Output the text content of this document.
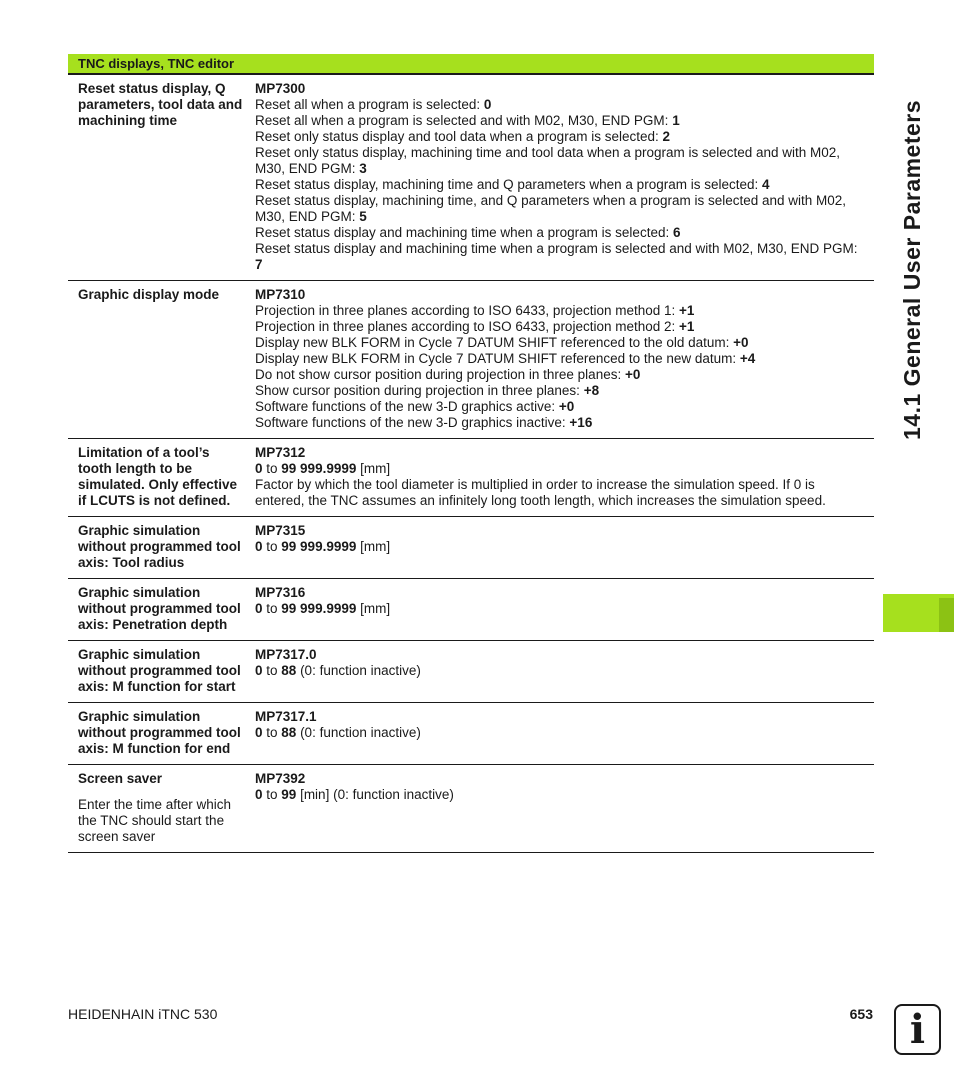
TNC displays, TNC editor
Reset status display, Q parameters, tool data and machining time
MP7300
Reset all when a program is selected: 0
Reset all when a program is selected and with M02, M30, END PGM: 1
Reset only status display and tool data when a program is selected: 2
Reset only status display, machining time and tool data when a program is selected and with M02, M30, END PGM: 3
Reset status display, machining time and Q parameters when a program is selected: 4
Reset status display, machining time, and Q parameters when a program is selected and with M02, M30, END PGM: 5
Reset status display and machining time when a program is selected: 6
Reset status display and machining time when a program is selected and with M02, M30, END PGM: 7
Graphic display mode	MP7310
Projection in three planes according to ISO 6433, projection method 1: +1
Projection in three planes according to ISO 6433, projection method 2: +1
Display new BLK FORM in Cycle 7 DATUM SHIFT referenced to the old datum: +0
Display new BLK FORM in Cycle 7 DATUM SHIFT referenced to the new datum: +4
Do not show cursor position during projection in three planes: +0
Show cursor position during projection in three planes: +8
Software functions of the new 3-D graphics active: +0
Software functions of the new 3-D graphics inactive: +16
Limitation of a tool’s tooth length to be simulated. Only effective if LCUTS is not defined.
MP7312
0 to 99 999.9999 [mm]
Factor by which the tool diameter is multiplied in order to increase the simulation speed. If 0 is entered, the TNC assumes an infinitely long tooth length, which increases the simulation speed.
Graphic simulation without programmed tool axis: Tool radius
MP7315
0 to 99 999.9999 [mm]
Graphic simulation without programmed tool axis: Penetration depth
MP7316
0 to 99 999.9999 [mm]
Graphic simulation without programmed tool axis: M function for start
MP7317.0
0 to 88 (0: function inactive)
Graphic simulation without programmed tool axis: M function for end
MP7317.1
0 to 88 (0: function inactive)
Screen saver
Enter the time after which the TNC should start the screen saver
MP7392
0 to 99 [min] (0: function inactive)
14.1 General User Parameters
HEIDENHAIN iTNC 530	653 i
